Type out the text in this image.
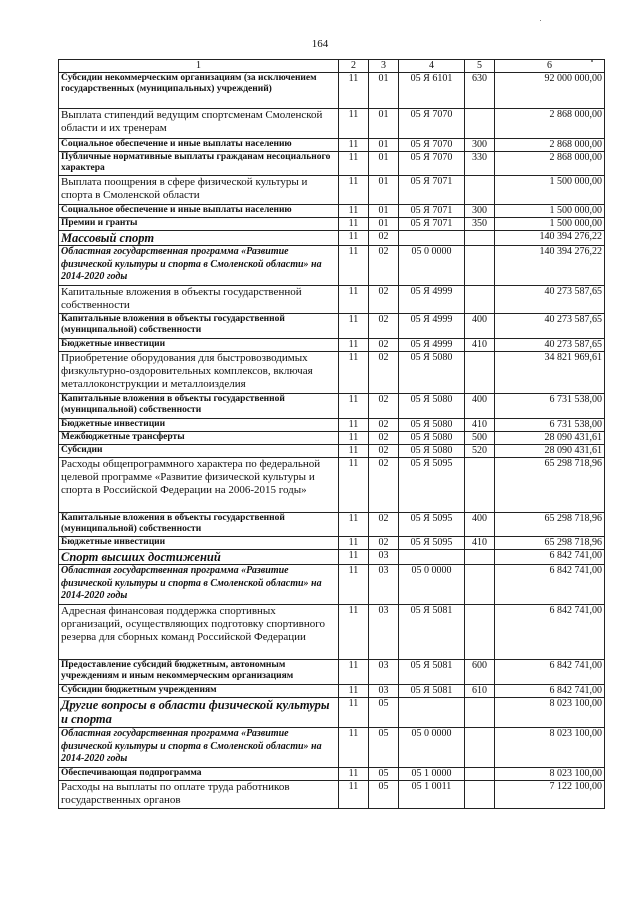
164
1	2	3	4	5	6
Субсидии некоммерческим организациям (за исключением государственных (муниципальных) учреждений)	11	01	05 Я 6101	630	92 000 000,00
Выплата стипендий ведущим спортсменам Смоленской области и их тренерам	11	01	05 Я 7070		2 868 000,00
Социальное обеспечение и иные выплаты населению	11	01	05 Я 7070	300	2 868 000,00
Публичные нормативные выплаты гражданам несоциального характера	11	01	05 Я 7070	330	2 868 000,00
Выплата поощрения в сфере физической культуры и спорта в Смоленской области	11	01	05 Я 7071		1 500 000,00
Социальное обеспечение и иные выплаты населению	11	01	05 Я 7071	300	1 500 000,00
Премии и гранты	11	01	05 Я 7071	350	1 500 000,00
Массовый спорт	11	02			140 394 276,22
Областная государственная программа «Развитие физической культуры и спорта в Смоленской области» на 2014-2020 годы	11	02	05 0 0000		140 394 276,22
Капитальные вложения в объекты государственной собственности	11	02	05 Я 4999		40 273 587,65
Капитальные вложения в объекты государственной (муниципальной) собственности	11	02	05 Я 4999	400	40 273 587,65
Бюджетные инвестиции	11	02	05 Я 4999	410	40 273 587,65
Приобретение оборудования для быстровозводимых физкультурно-оздоровительных комплексов, включая металлоконструкции и металлоизделия	11	02	05 Я 5080		34 821 969,61
Капитальные вложения в объекты государственной (муниципальной) собственности	11	02	05 Я 5080	400	6 731 538,00
Бюджетные инвестиции	11	02	05 Я 5080	410	6 731 538,00
Межбюджетные трансферты	11	02	05 Я 5080	500	28 090 431,61
Субсидии	11	02	05 Я 5080	520	28 090 431,61
Расходы общепрограммного характера по федеральной целевой программе «Развитие физической культуры и спорта в Российской Федерации на 2006-2015 годы»	11	02	05 Я 5095		65 298 718,96
Капитальные вложения в объекты государственной (муниципальной) собственности	11	02	05 Я 5095	400	65 298 718,96
Бюджетные инвестиции	11	02	05 Я 5095	410	65 298 718,96
Спорт высших достижений	11	03			6 842 741,00
Областная государственная программа «Развитие физической культуры и спорта в Смоленской области» на 2014-2020 годы	11	03	05 0 0000		6 842 741,00
Адресная финансовая поддержка спортивных организаций, осуществляющих подготовку спортивного резерва для сборных команд Российской Федерации	11	03	05 Я 5081		6 842 741,00
Предоставление субсидий бюджетным, автономным учреждениям и иным некоммерческим организациям	11	03	05 Я 5081	600	6 842 741,00
Субсидии бюджетным учреждениям	11	03	05 Я 5081	610	6 842 741,00
Другие вопросы в области физической культуры и спорта	11	05			8 023 100,00
Областная государственная программа «Развитие физической культуры и спорта в Смоленской области» на 2014-2020 годы	11	05	05 0 0000		8 023 100,00
Обеспечивающая подпрограмма	11	05	05 1 0000		8 023 100,00
Расходы на выплаты по оплате труда работников государственных органов	11	05	05 1 0011		7 122 100,00
